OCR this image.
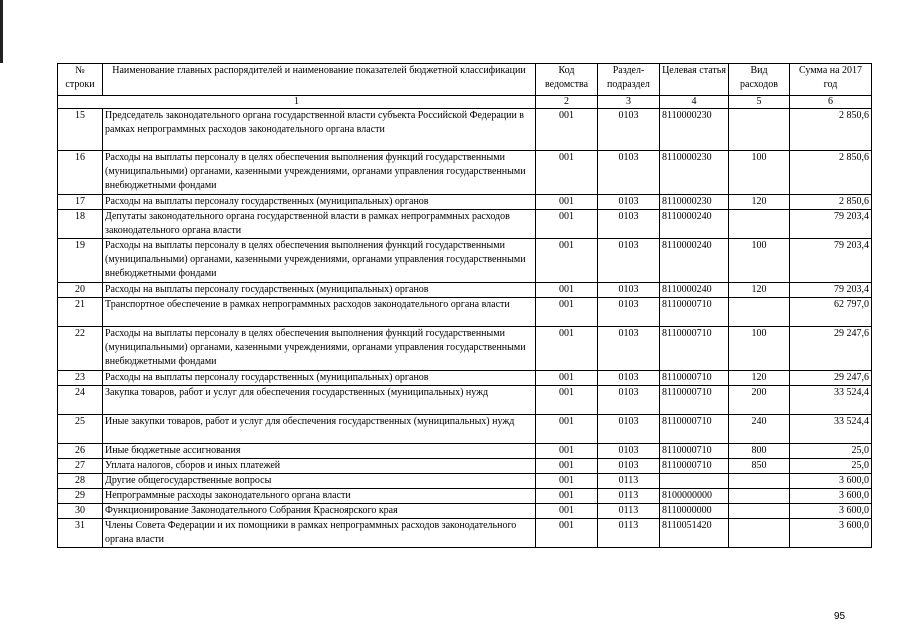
№ строки	Наименование главных распорядителей и наименование показателей бюджетной классификации	Код ведомства	Раздел-подраздел	Целевая статья	Вид расходов	Сумма на 2017 год
1		2	3	4	5	6
15	Председатель законодательного органа государственной власти субъекта Российской Федерации в рамках непрограммных расходов законодательного органа власти	001	0103	8110000230		2 850,6
16	Расходы на выплаты персоналу в целях обеспечения выполнения функций государственными (муниципальными) органами, казенными учреждениями, органами управления государственными внебюджетными фондами	001	0103	8110000230	100	2 850,6
17	Расходы на выплаты персоналу государственных (муниципальных) органов	001	0103	8110000230	120	2 850,6
18	Депутаты законодательного органа государственной власти в рамках непрограммных расходов законодательного органа власти	001	0103	8110000240		79 203,4
19	Расходы на выплаты персоналу в целях обеспечения выполнения функций государственными (муниципальными) органами, казенными учреждениями, органами управления государственными внебюджетными фондами	001	0103	8110000240	100	79 203,4
20	Расходы на выплаты персоналу государственных (муниципальных) органов	001	0103	8110000240	120	79 203,4
21	Транспортное обеспечение в рамках непрограммных расходов законодательного органа власти	001	0103	8110000710		62 797,0
22	Расходы на выплаты персоналу в целях обеспечения выполнения функций государственными (муниципальными) органами, казенными учреждениями, органами управления государственными внебюджетными фондами	001	0103	8110000710	100	29 247,6
23	Расходы на выплаты персоналу государственных (муниципальных) органов	001	0103	8110000710	120	29 247,6
24	Закупка товаров, работ и услуг для обеспечения государственных (муниципальных) нужд	001	0103	8110000710	200	33 524,4
25	Иные закупки товаров, работ и услуг для обеспечения государственных (муниципальных) нужд	001	0103	8110000710	240	33 524,4
26	Иные бюджетные ассигнования	001	0103	8110000710	800	25,0
27	Уплата налогов, сборов и иных платежей	001	0103	8110000710	850	25,0
28	Другие общегосударственные вопросы	001	0113			3 600,0
29	Непрограммные расходы законодательного органа власти	001	0113	8100000000		3 600,0
30	Функционирование Законодательного Собрания Красноярского края	001	0113	8110000000		3 600,0
31	Члены Совета Федерации и их помощники в рамках непрограммных расходов законодательного органа власти	001	0113	8110051420		3 600,0
95
